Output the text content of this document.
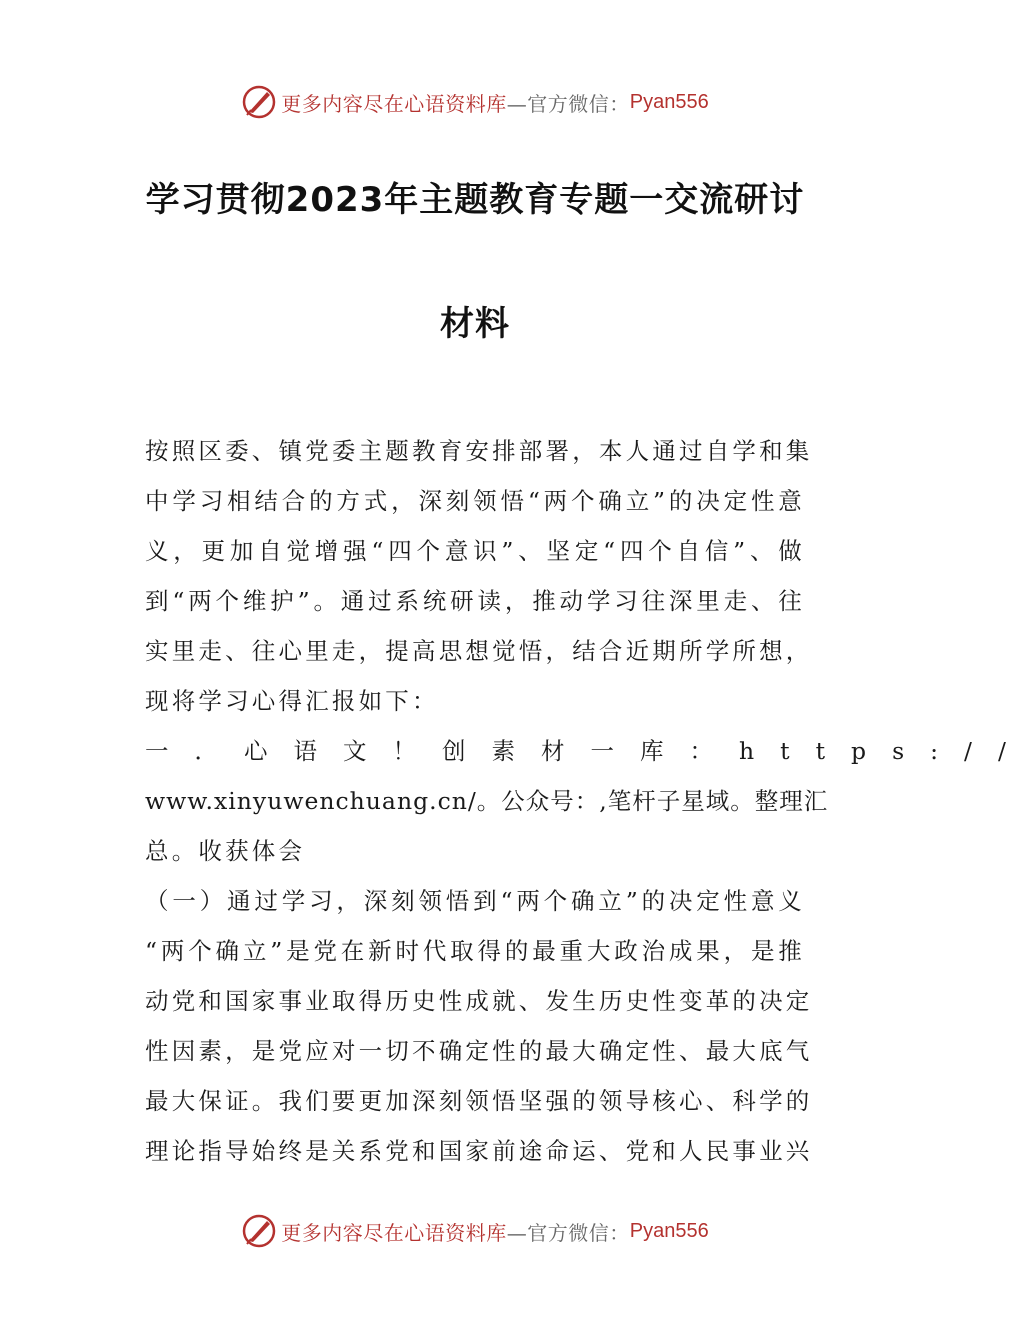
更多内容尽在心语资料库—官方微信： Pyan556
学习贯彻2023年主题教育专题一交流研讨
材料
按照区委、镇党委主题教育安排部署，本人通过自学和集
中学习相结合的方式，深刻领悟“两个确立”的决定性意
义，更加自觉增强“四个意识”、坚定“四个自信”、做
到“两个维护”。通过系统研读，推动学习往深里走、往
实里走、往心里走，提高思想觉悟，结合近期所学所想，
现将学习心得汇报如下：
一．心语文！创素材一库：https://
www.xinyuwenchuang.cn/。公众号：,笔杆子星域。整理汇
总。收获体会
（一）通过学习，深刻领悟到“两个确立”的决定性意义
“两个确立”是党在新时代取得的最重大政治成果，是推
动党和国家事业取得历史性成就、发生历史性变革的决定
性因素，是党应对一切不确定性的最大确定性、最大底气
最大保证。我们要更加深刻领悟坚强的领导核心、科学的
理论指导始终是关系党和国家前途命运、党和人民事业兴
更多内容尽在心语资料库—官方微信： Pyan556
